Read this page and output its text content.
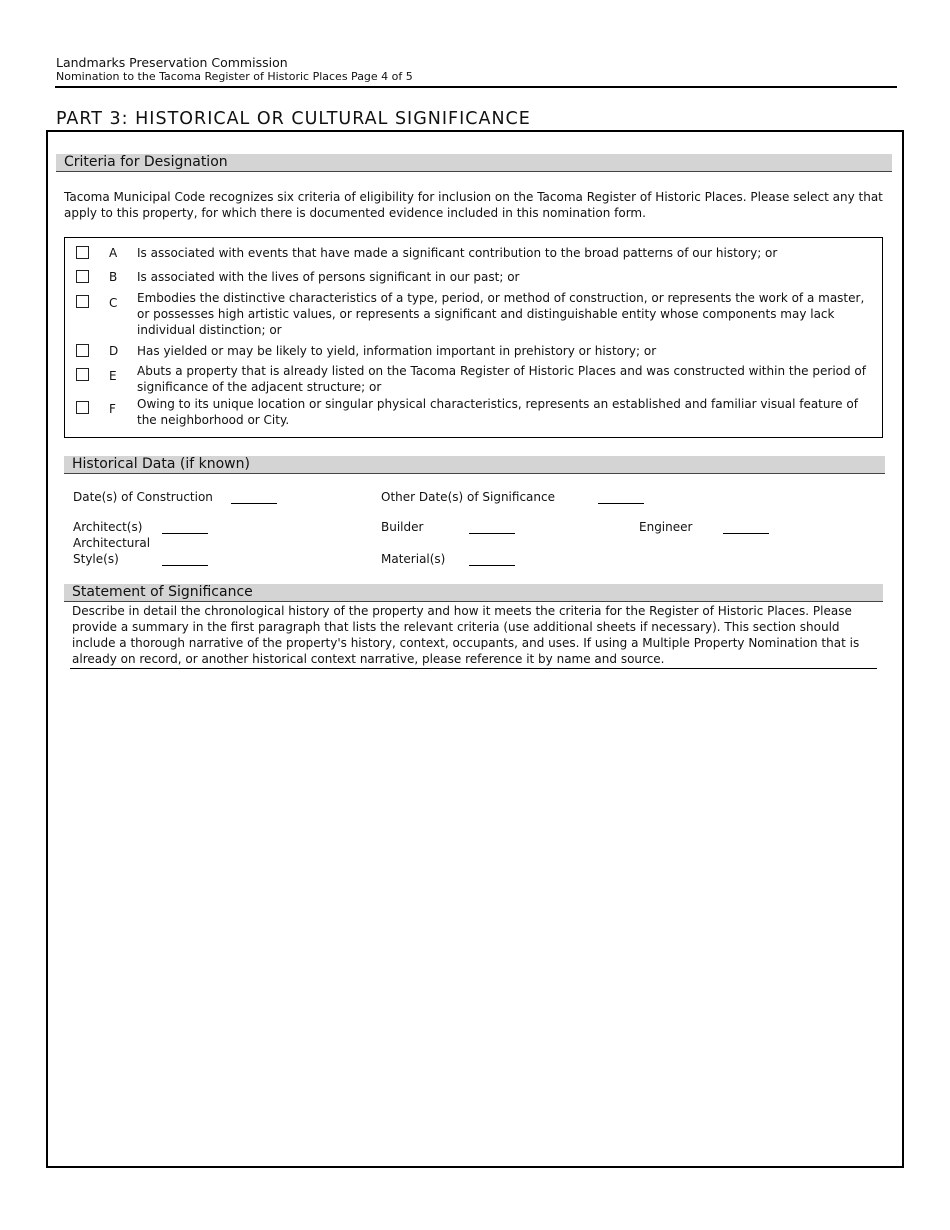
Landmarks Preservation Commission
Nomination to the Tacoma Register of Historic Places Page 4 of 5
PART 3: HISTORICAL OR CULTURAL SIGNIFICANCE
Criteria for Designation
Tacoma Municipal Code recognizes six criteria of eligibility for inclusion on the Tacoma Register of Historic Places. Please select any that apply to this property, for which there is documented evidence included in this nomination form.
A Is associated with events that have made a significant contribution to the broad patterns of our history; or
B Is associated with the lives of persons significant in our past; or
C Embodies the distinctive characteristics of a type, period, or method of construction, or represents the work of a master, or possesses high artistic values, or represents a significant and distinguishable entity whose components may lack individual distinction; or
D Has yielded or may be likely to yield, information important in prehistory or history; or
E Abuts a property that is already listed on the Tacoma Register of Historic Places and was constructed within the period of significance of the adjacent structure; or
F Owing to its unique location or singular physical characteristics, represents an established and familiar visual feature of the neighborhood or City.
Historical Data (if known)
Date(s) of Construction	Other Date(s) of Significance
Architect(s)	Builder	Engineer
Architectural
Style(s)	Material(s)
Statement of Significance
Describe in detail the chronological history of the property and how it meets the criteria for the Register of Historic Places. Please provide a summary in the first paragraph that lists the relevant criteria (use additional sheets if necessary). This section should include a thorough narrative of the property's history, context, occupants, and uses. If using a Multiple Property Nomination that is already on record, or another historical context narrative, please reference it by name and source.
